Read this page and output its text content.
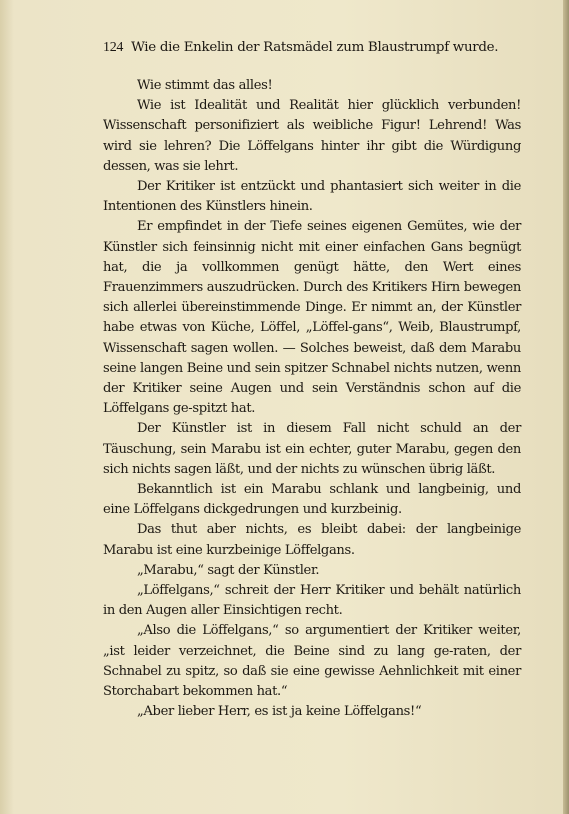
124 Wie die Enkelin der Ratsmädel zum Blaustrumpf wurde.

Wie stimmt das alles!

Wie ist Idealität und Realität hier glücklich verbunden! Wissenschaft personifiziert als weibliche Figur! Lehrend! Was wird sie lehren? Die Löffelgans hinter ihr gibt die Würdigung dessen, was sie lehrt.

Der Kritiker ist entzückt und phantasiert sich weiter in die Intentionen des Künstlers hinein.

Er empfindet in der Tiefe seines eigenen Gemütes, wie der Künstler sich feinsinnig nicht mit einer einfachen Gans begnügt hat, die ja vollkommen genügt hätte, den Wert eines Frauenzimmers auszudrücken. Durch des Kritikers Hirn bewegen sich allerlei übereinstimmende Dinge. Er nimmt an, der Künstler habe etwas von Küche, Löffel, „Löffel-gans“, Weib, Blaustrumpf, Wissenschaft sagen wollen. — Solches beweist, daß dem Marabu seine langen Beine und sein spitzer Schnabel nichts nutzen, wenn der Kritiker seine Augen und sein Verständnis schon auf die Löffelgans ge-spitzt hat.

Der Künstler ist in diesem Fall nicht schuld an der Täuschung, sein Marabu ist ein echter, guter Marabu, gegen den sich nichts sagen läßt, und der nichts zu wünschen übrig läßt.

Bekanntlich ist ein Marabu schlank und langbeinig, und eine Löffelgans dickgedrungen und kurzbeinig.

Das thut aber nichts, es bleibt dabei: der langbeinige Marabu ist eine kurzbeinige Löffelgans.

„Marabu,“ sagt der Künstler.

„Löffelgans,“ schreit der Herr Kritiker und behält natürlich in den Augen aller Einsichtigen recht.

„Also die Löffelgans,“ so argumentiert der Kritiker weiter, „ist leider verzeichnet, die Beine sind zu lang ge-raten, der Schnabel zu spitz, so daß sie eine gewisse Aehnlichkeit mit einer Storchabart bekommen hat.“

„Aber lieber Herr, es ist ja keine Löffelgans!“
